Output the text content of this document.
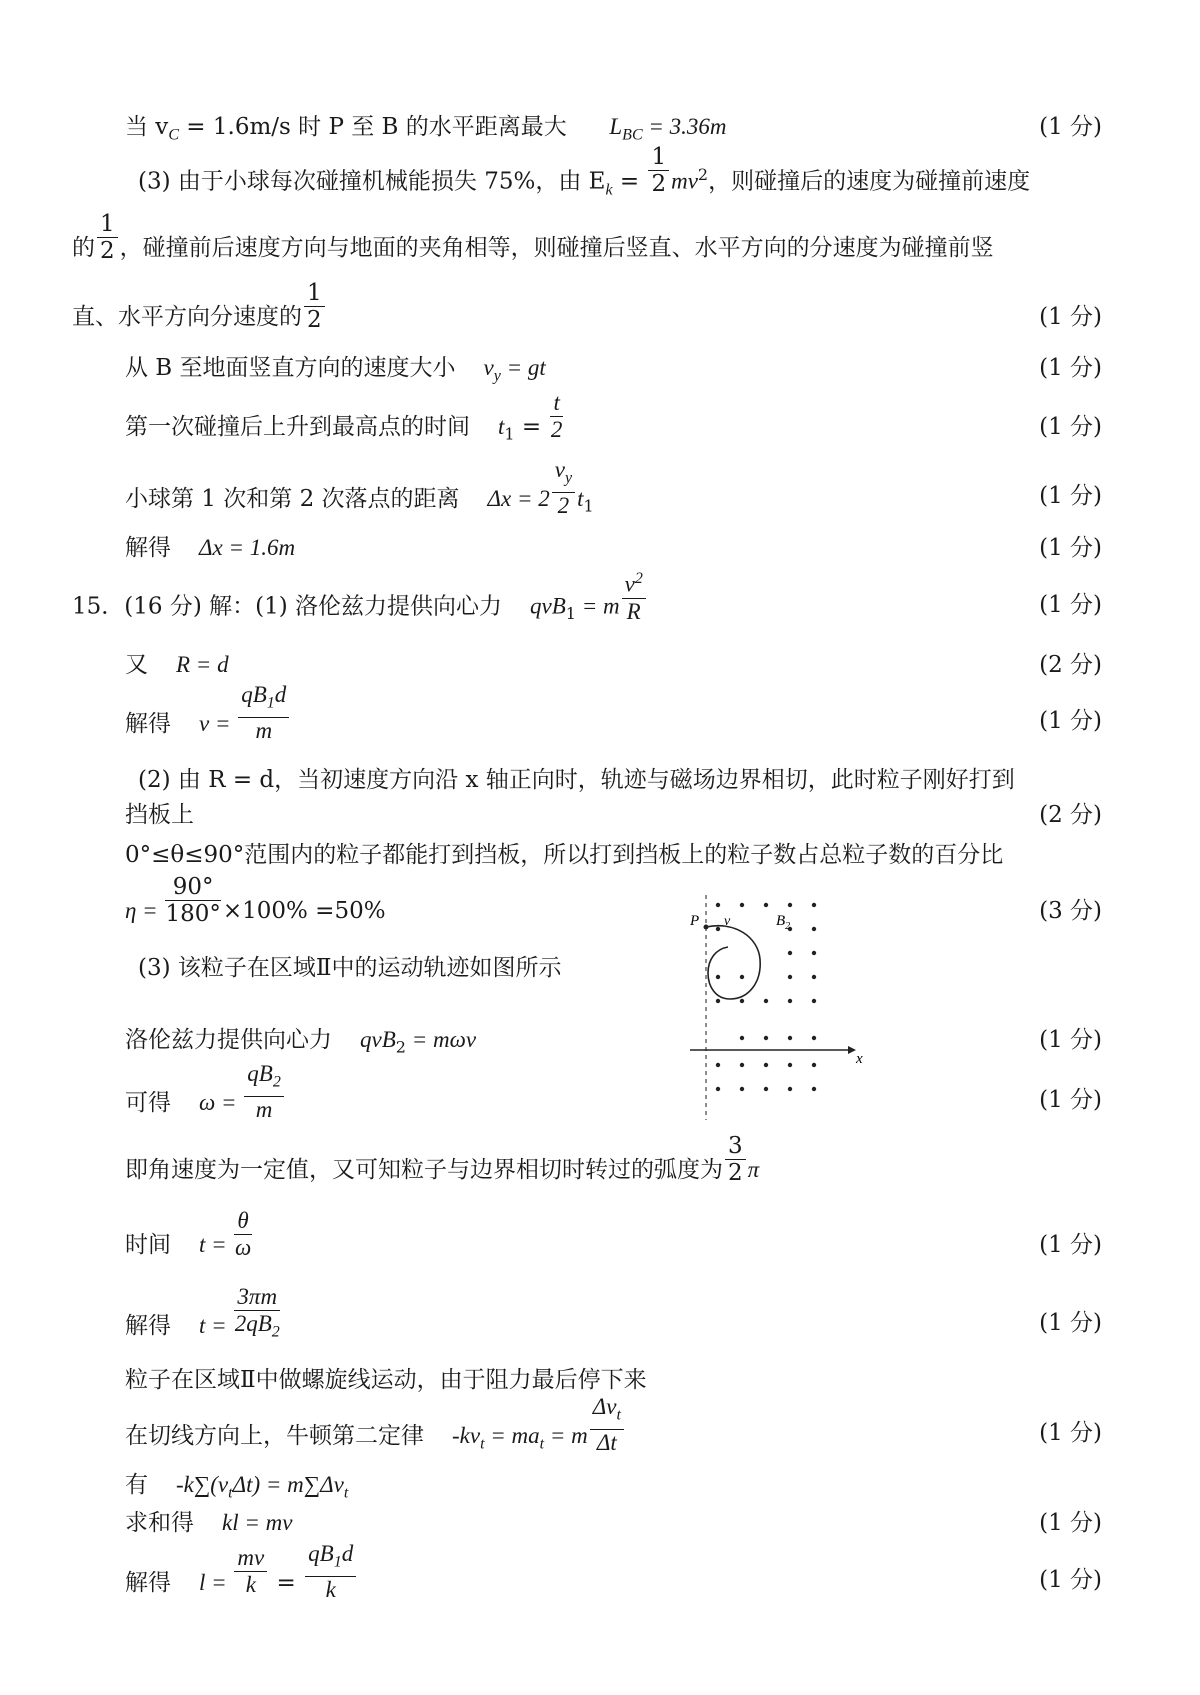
当 $v_C = 1.6m/s$ 时 P 至 B 的水平距离最大 $L_{BC} = 3.36m$	(1 分)
(3) 由于小球每次碰撞机械能损失 75%，由 $E_k = \frac{1}{2} mv^2$，则碰撞后的速度为碰撞前速度
的 $\frac{1}{2}$ ，碰撞前后速度方向与地面的夹角相等，则碰撞后竖直、水平方向的分速度为碰撞前竖
直、水平方向分速度的 $\frac{1}{2}$	(1 分)
从 B 至地面竖直方向的速度大小 $v_y$ = gt	(1 分)
第一次碰撞后上升到最高点的时间 $t_1 = \frac{t}{2}$	(1 分)
小球第 1 次和第 2 次落点的距离 $\Delta x = 2 \frac{v_y}{2} t_1$	(1 分)
解得 Δx = 1.6m	(1 分)
15．(16 分) 解：(1) 洛伦兹力提供向心力 qvB$_1$ = m $\frac{v^2}{R}$	(1 分)
又 R = d	(2 分)
解得 $v = \frac{qB_1d}{m}$	(1 分)
(2) 由 R = d，当初速度方向沿 x 轴正向时，轨迹与磁场边界相切，此时粒子刚好打到
挡板上	(2 分)
0°≤θ≤90°范围内的粒子都能打到挡板，所以打到挡板上的粒子数占总粒子数的百分比
$\eta = \frac{90^\circ}{180^\circ} \times 100\% =50\%$	(3 分)
(3) 该粒子在区域Ⅱ中的运动轨迹如图所示
洛伦兹力提供向心力 qvB$_2$ = mωv	(1 分)
可得 $\omega = \frac{qB_2}{m}$	(1 分)
即角速度为一定值，又可知粒子与边界相切时转过的弧度为 $\frac{3}{2}$ π
时间 $t = \frac{\theta}{\omega}$	(1 分)
解得 $t = \frac{3\pi m}{2qB_2}$	(1 分)
粒子在区域Ⅱ中做螺旋线运动，由于阻力最后停下来
在切线方向上，牛顿第二定律 $-kv_t = ma_t = m \frac{\Delta v_t}{\Delta t}$	(1 分)
有 $-k\sum(v_t\Delta t) = m\sum\Delta v_t$
求和得 kl = mv	(1 分)
解得 $l = \frac{mv}{k} = \frac{qB_1d}{k}$	(1 分)
P v	$B_2$
x
